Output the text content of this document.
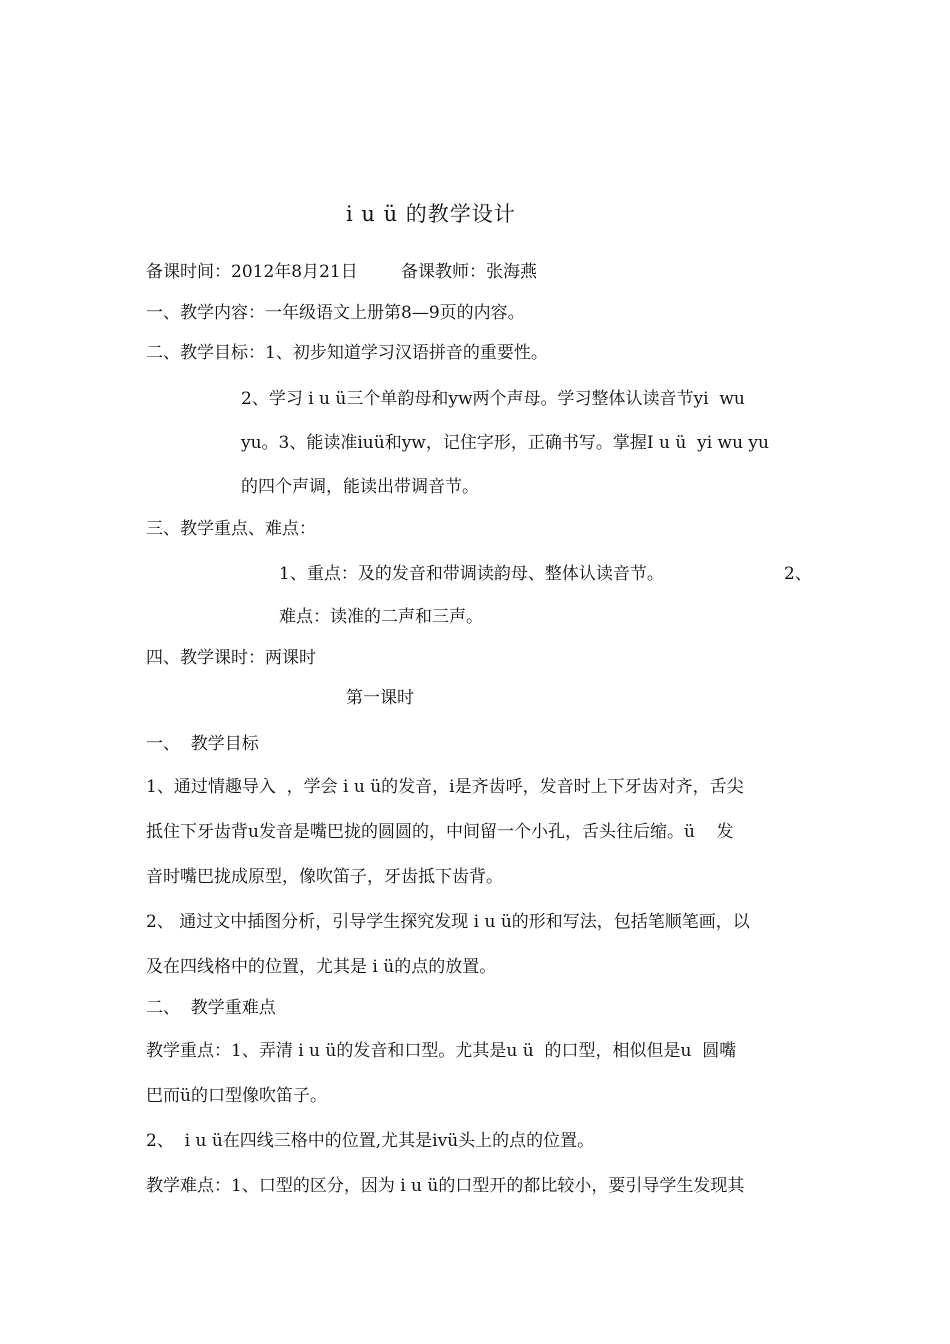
i u ü 的教学设计
备课时间：2012年8月21日        备课教师：张海燕
一、教学内容：一年级语文上册第8—9页的内容。
二、教学目标：1、初步知道学习汉语拼音的重要性。
2、学习 i u ü三个单韵母和yw两个声母。学习整体认读音节yi  wu
yu。3、能读准iuü和yw，记住字形，正确书写。掌握I u ü  yi wu yu
的四个声调，能读出带调音节。
三、教学重点、难点：
1、重点：及的发音和带调读韵母、整体认读音节。	2、
难点：读准的二声和三声。
四、教学课时：两课时
第一课时
一、  教学目标
1、通过情趣导入  ，学会 i u ü的发音，i是齐齿呼，发音时上下牙齿对齐，舌尖
抵住下牙齿背u发音是嘴巴拢的圆圆的，中间留一个小孔，舌头往后缩。ü    发
音时嘴巴拢成原型，像吹笛子，牙齿抵下齿背。
2、 通过文中插图分析，引导学生探究发现 i u ü的形和写法，包括笔顺笔画，以
及在四线格中的位置，尤其是 i ü的点的放置。
二、  教学重难点
教学重点：1、弄清 i u ü的发音和口型。尤其是u ü  的口型，相似但是u  圆嘴
巴而ü的口型像吹笛子。
2、  i u ü在四线三格中的位置,尤其是ivü头上的点的位置。
教学难点：1、口型的区分，因为 i u ü的口型开的都比较小，要引导学生发现其
